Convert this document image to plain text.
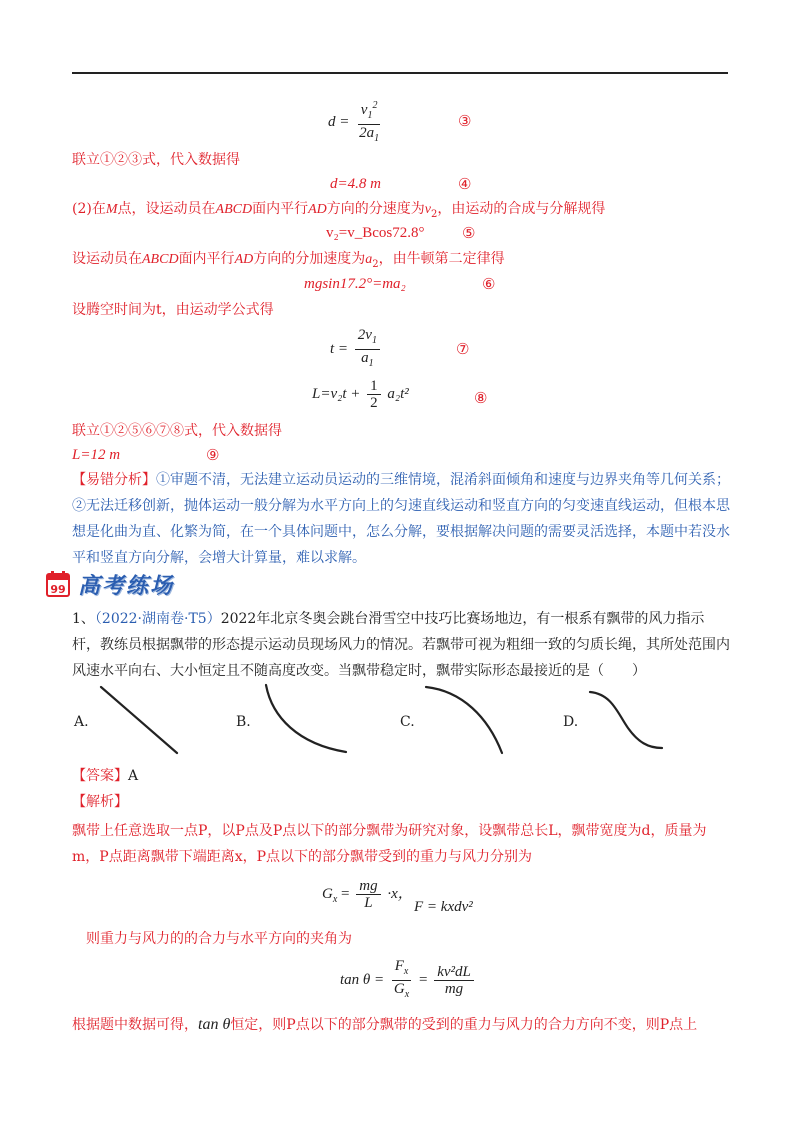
$d = \frac{v_1^2}{2a_1}$	③
联立①②③式，代入数据得
d=4.8 m	④
(2)在M点，设运动员在ABCD面内平行AD方向的分速度为$v_2$，由运动的合成与分解规得
v₂=v_Bcos72.8°	⑤
设运动员在ABCD面内平行AD方向的分加速度为$a_2$，由牛顿第二定律得
mgsin17.2°=ma₂	⑥
设腾空时间为t，由运动学公式得
$t = \frac{2v_1}{a_1}$	⑦
$L=v_2t + \frac{1}{2} a_2t^2$	⑧
联立①②⑤⑥⑦⑧式，代入数据得
L=12 m	⑨
【易错分析】①审题不清，无法建立运动员运动的三维情境，混淆斜面倾角和速度与边界夹角等几何关系；②无法迁移创新，抛体运动一般分解为水平方向上的匀速直线运动和竖直方向的匀变速直线运动，但根本思想是化曲为直、化繁为简，在一个具体问题中，怎么分解，要根据解决问题的需要灵活选择，本题中若没水平和竖直方向分解，会增大计算量，难以求解。
99 高考练场
1、（2022·湖南卷·T5）2022年北京冬奥会跳台滑雪空中技巧比赛场地边，有一根系有飘带的风力指示杆，教练员根据飘带的形态提示运动员现场风力的情况。若飘带可视为粗细一致的匀质长绳，其所处范围内风速水平向右、大小恒定且不随高度改变。当飘带稳定时，飘带实际形态最接近的是（　　）
A.	B.	C.	D.
【答案】A
【解析】
飘带上任意选取一点P，以P点及P点以下的部分飘带为研究对象，设飘带总长L，飘带宽度为d，质量为m，P点距离飘带下端距离x，P点以下的部分飘带受到的重力与风力分别为
$G_x = \frac{mg}{L} \cdot x$，
F = kxdv²
则重力与风力的的合力与水平方向的夹角为
$\tan \theta = \frac{F_x}{G_x} = \frac{\text{kv²dL}}{mg}$
根据题中数据可得，tan θ恒定，则P点以下的部分飘带的受到的重力与风力的合力方向不变，则P点上
